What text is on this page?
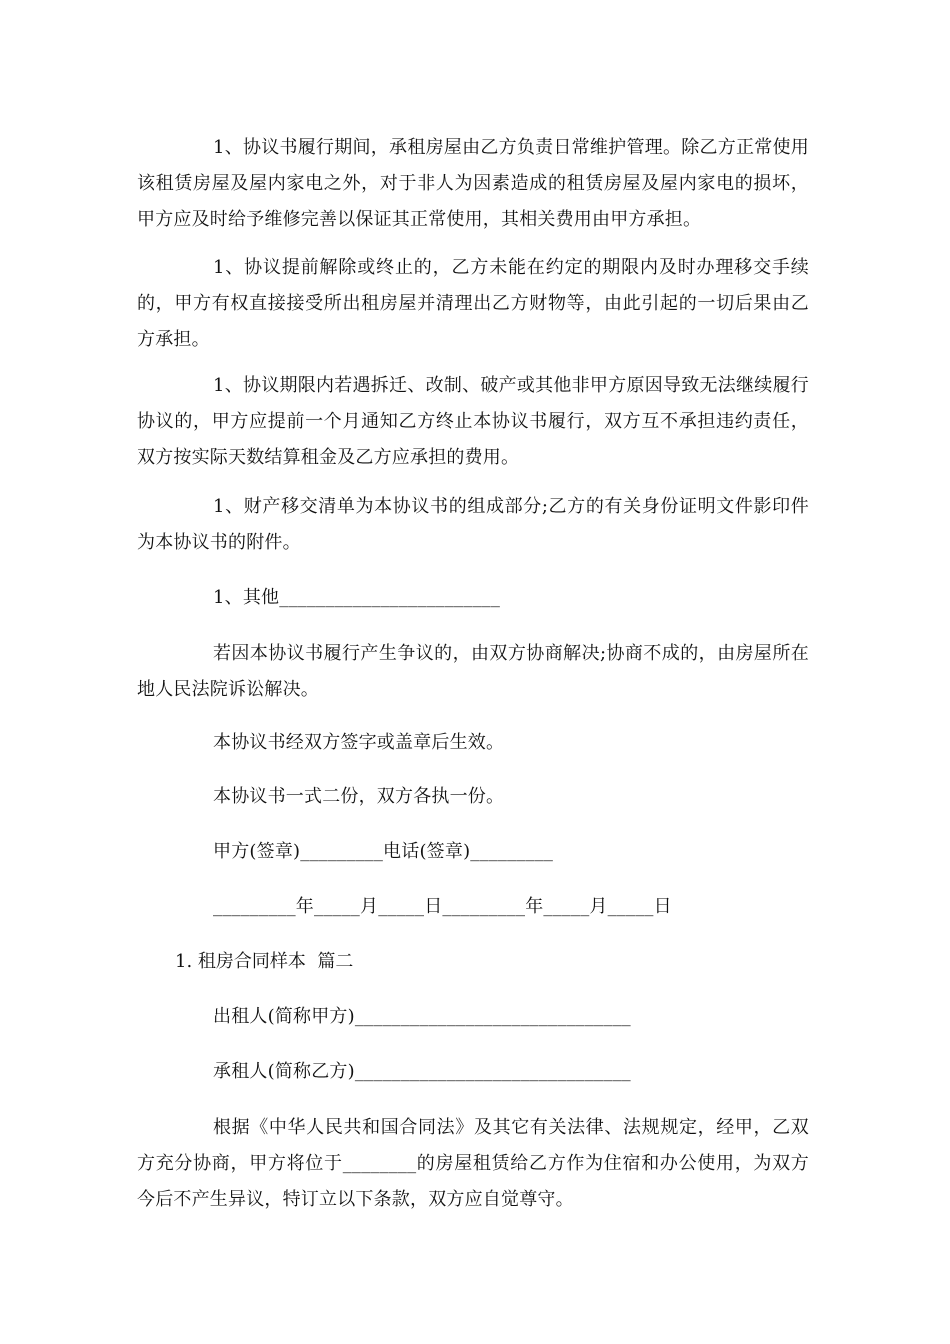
1、协议书履行期间，承租房屋由乙方负责日常维护管理。除乙方正常使用该租赁房屋及屋内家电之外，对于非人为因素造成的租赁房屋及屋内家电的损坏，甲方应及时给予维修完善以保证其正常使用，其相关费用由甲方承担。

1、协议提前解除或终止的，乙方未能在约定的期限内及时办理移交手续的，甲方有权直接接受所出租房屋并清理出乙方财物等，由此引起的一切后果由乙方承担。

1、协议期限内若遇拆迁、改制、破产或其他非甲方原因导致无法继续履行协议的，甲方应提前一个月通知乙方终止本协议书履行，双方互不承担违约责任，双方按实际天数结算租金及乙方应承担的费用。

1、财产移交清单为本协议书的组成部分;乙方的有关身份证明文件影印件为本协议书的附件。

1、其他________________________

若因本协议书履行产生争议的，由双方协商解决;协商不成的，由房屋所在地人民法院诉讼解决。

本协议书经双方签字或盖章后生效。

本协议书一式二份，双方各执一份。

甲方(签章)_________电话(签章)_________

_________年_____月_____日_________年_____月_____日

1. 租房合同样本  篇二

出租人(简称甲方)______________________________

承租人(简称乙方)______________________________

根据《中华人民共和国合同法》及其它有关法律、法规规定，经甲，乙双方充分协商，甲方将位于________的房屋租赁给乙方作为住宿和办公使用，为双方今后不产生异议，特订立以下条款，双方应自觉尊守。
